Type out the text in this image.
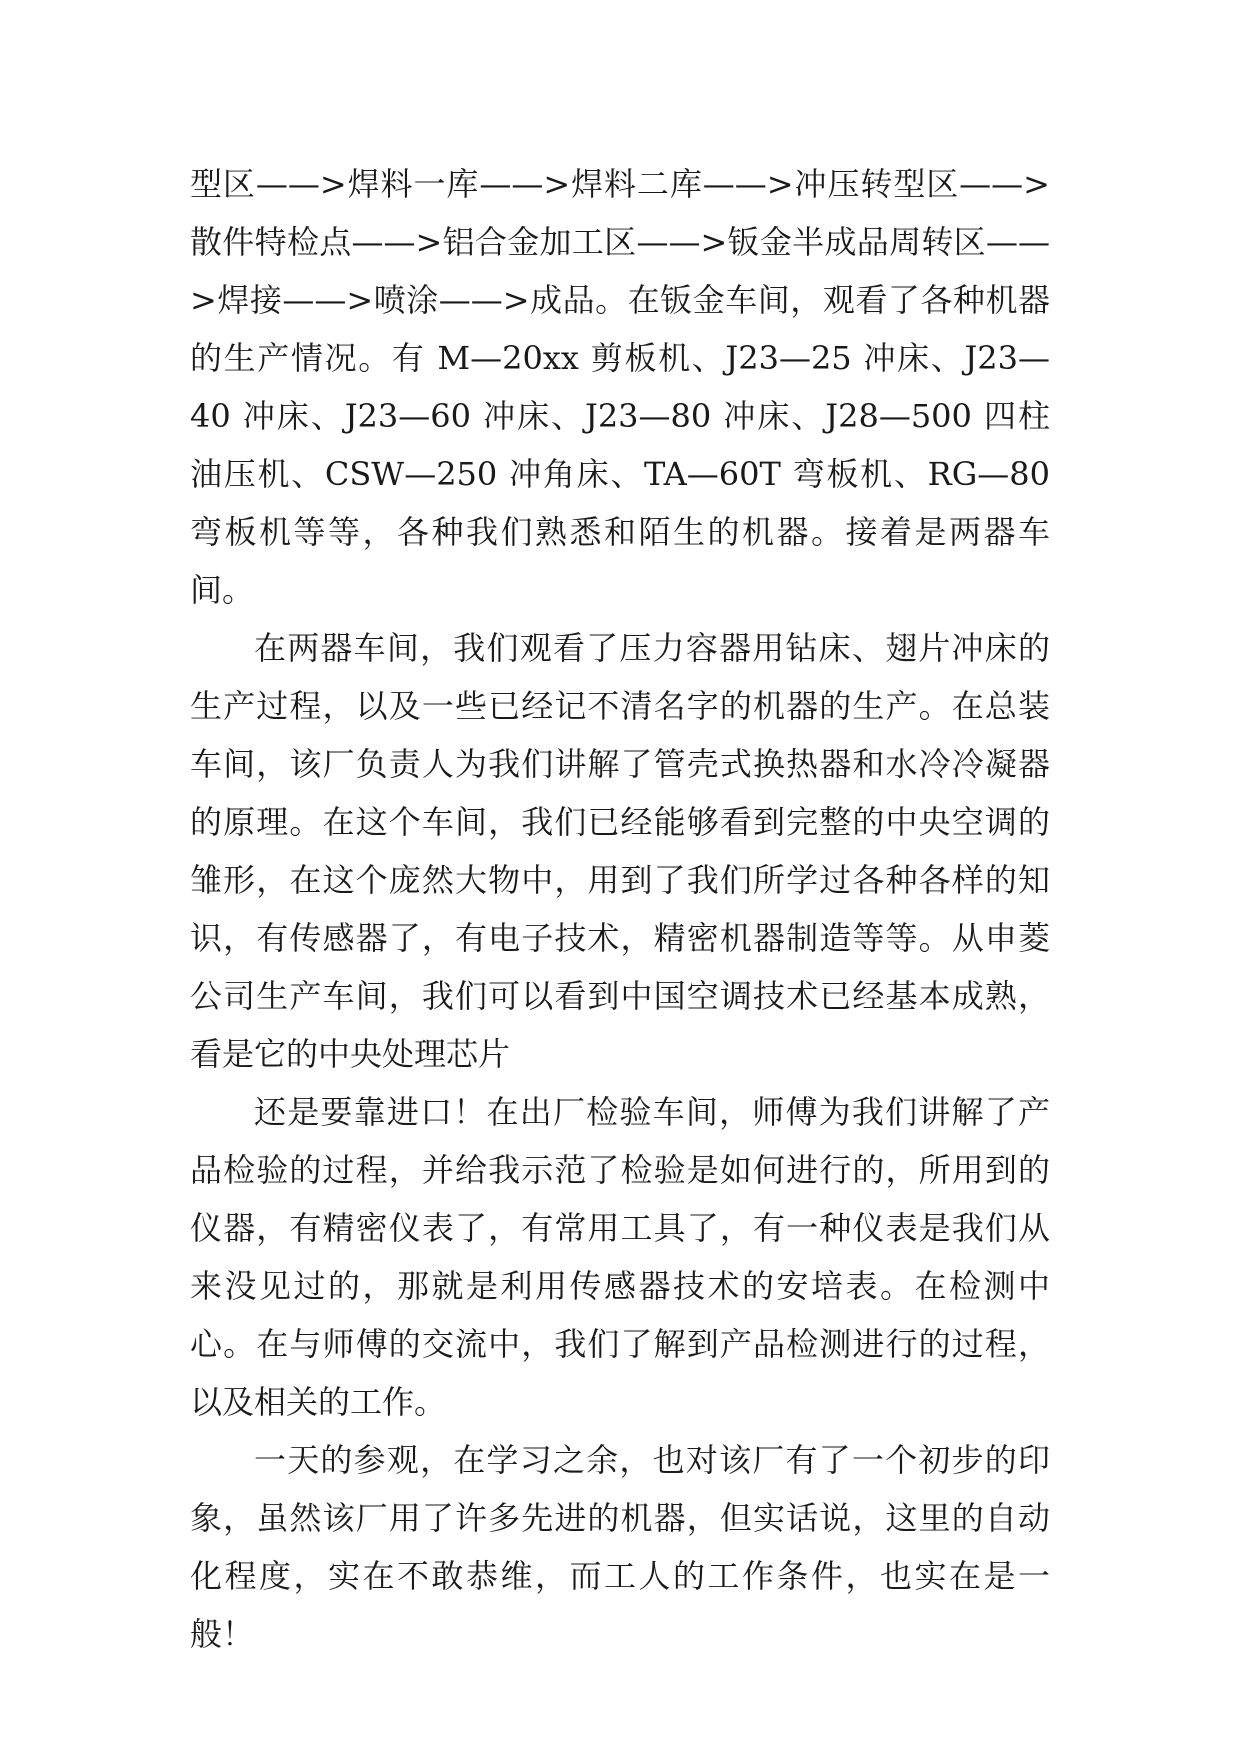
型区——>焊料一库——>焊料二库——>冲压转型区——>散件特检点——>铝合金加工区——>钣金半成品周转区——>焊接——>喷涂——>成品。在钣金车间，观看了各种机器的生产情况。有 M—20xx 剪板机、J23—25 冲床、J23—40 冲床、J23—60 冲床、J23—80 冲床、J28—500 四柱油压机、CSW—250 冲角床、TA—60T 弯板机、RG—80 弯板机等等，各种我们熟悉和陌生的机器。接着是两器车间。

在两器车间，我们观看了压力容器用钻床、翅片冲床的生产过程，以及一些已经记不清名字的机器的生产。在总装车间，该厂负责人为我们讲解了管壳式换热器和水冷冷凝器的原理。在这个车间，我们已经能够看到完整的中央空调的雏形，在这个庞然大物中，用到了我们所学过各种各样的知识，有传感器了，有电子技术，精密机器制造等等。从申菱公司生产车间，我们可以看到中国空调技术已经基本成熟，看是它的中央处理芯片

还是要靠进口！在出厂检验车间，师傅为我们讲解了产品检验的过程，并给我示范了检验是如何进行的，所用到的仪器，有精密仪表了，有常用工具了，有一种仪表是我们从来没见过的，那就是利用传感器技术的安培表。在检测中心。在与师傅的交流中，我们了解到产品检测进行的过程，以及相关的工作。

一天的参观，在学习之余，也对该厂有了一个初步的印象，虽然该厂用了许多先进的机器，但实话说，这里的自动化程度，实在不敢恭维，而工人的工作条件，也实在是一般！
